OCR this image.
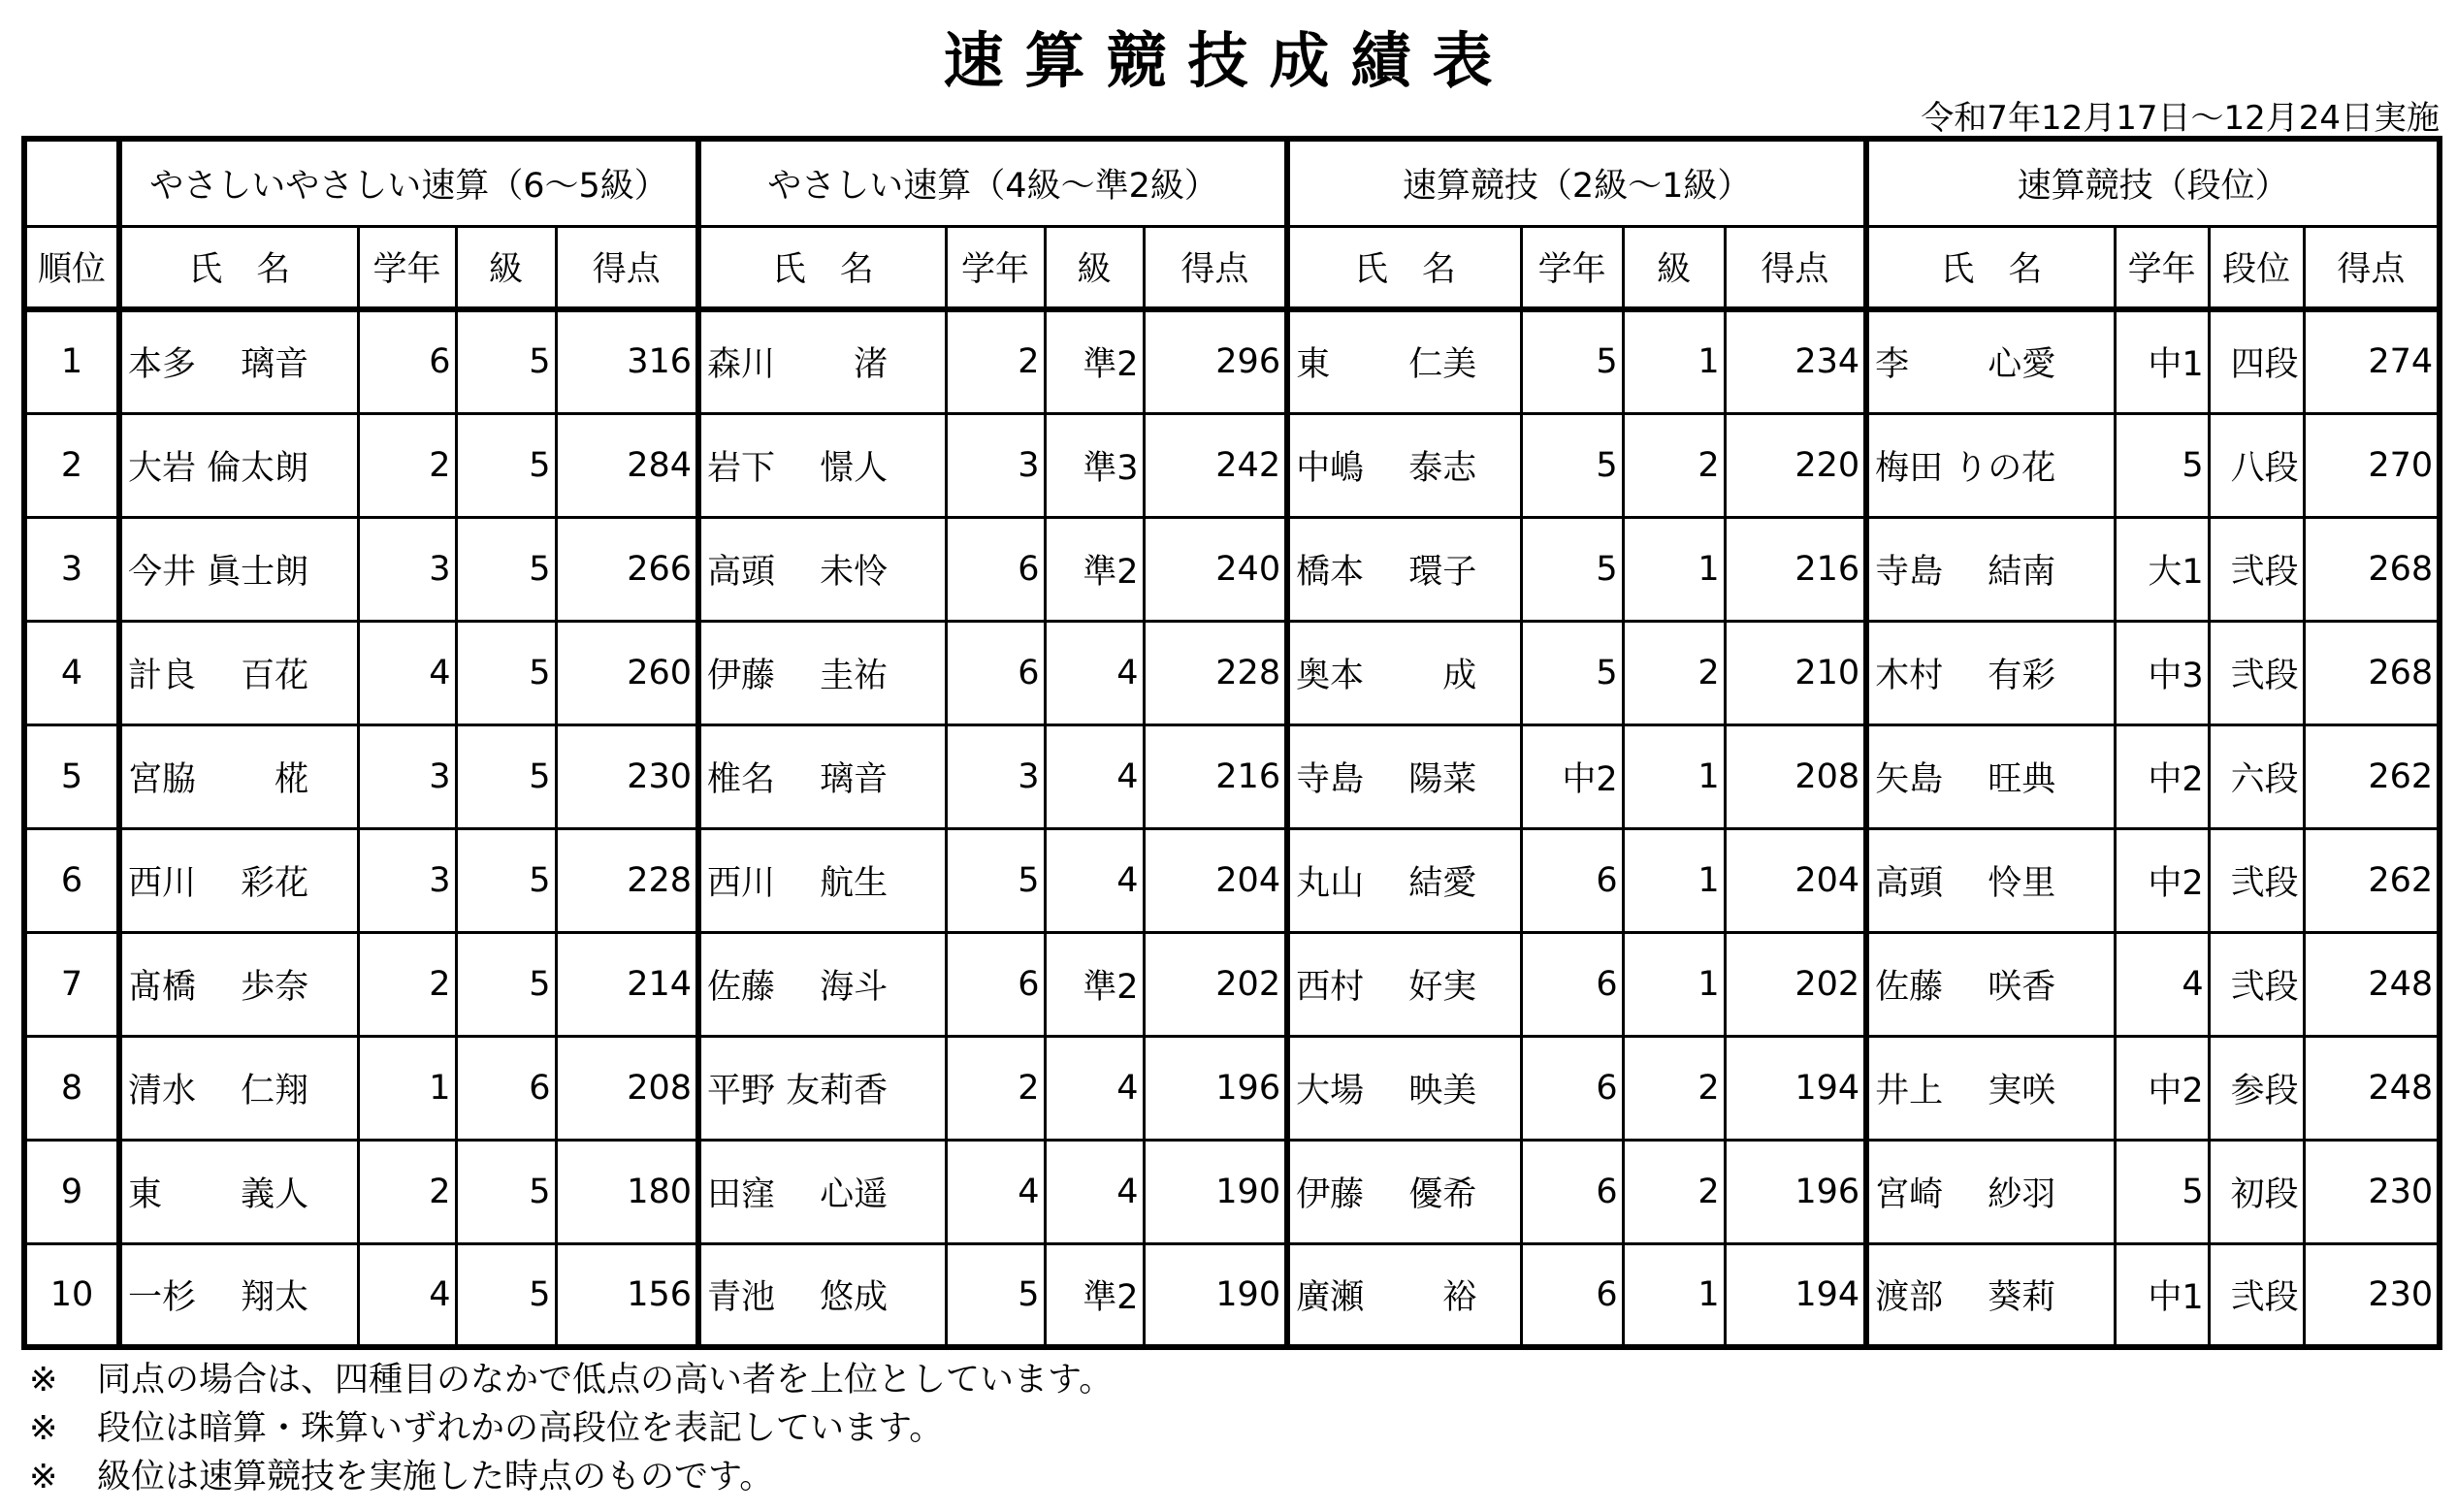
速算競技成績表
令和7年12月17日～12月24日実施
	やさしいやさしい速算（6～5級）				やさしい速算（4級～準2級）				速算競技（2級～1級）				速算競技（段位）			
順位	氏　名	学年	級	得点	氏　名	学年	級	得点	氏　名	学年	級	得点	氏　名	学年	段位	得点
1	本多　 璃音	6	5	316	森川　　 渚	2	準2	296	東　　 仁美	5	1	234	李　　 心愛	中1	四段	274
2	大岩 倫太朗	2	5	284	岩下　 憬人	3	準3	242	中嶋　 泰志	5	2	220	梅田 りの花	5	八段	270
3	今井 眞士朗	3	5	266	高頭　 未怜	6	準2	240	橋本　 環子	5	1	216	寺島　 結南	大1	弐段	268
4	計良　 百花	4	5	260	伊藤　 圭祐	6	4	228	奥本　　 成	5	2	210	木村　 有彩	中3	弐段	268
5	宮脇　　 椛	3	5	230	椎名　 璃音	3	4	216	寺島　 陽菜	中2	1	208	矢島　 旺典	中2	六段	262
6	西川　 彩花	3	5	228	西川　 航生	5	4	204	丸山　 結愛	6	1	204	高頭　 怜里	中2	弐段	262
7	髙橋　 歩奈	2	5	214	佐藤　 海斗	6	準2	202	西村　 好実	6	1	202	佐藤　 咲香	4	弐段	248
8	清水　 仁翔	1	6	208	平野 友莉香	2	4	196	大場　 映美	6	2	194	井上　 実咲	中2	参段	248
9	東　　 義人	2	5	180	田窪　 心遥	4	4	190	伊藤　 優希	6	2	196	宮崎　 紗羽	5	初段	230
10	一杉　 翔太	4	5	156	青池　 悠成	5	準2	190	廣瀬　　 裕	6	1	194	渡部　 葵莉	中1	弐段	230
※ 同点の場合は、四種目のなかで低点の高い者を上位としています。
※ 段位は暗算・珠算いずれかの高段位を表記しています。
※ 級位は速算競技を実施した時点のものです。
